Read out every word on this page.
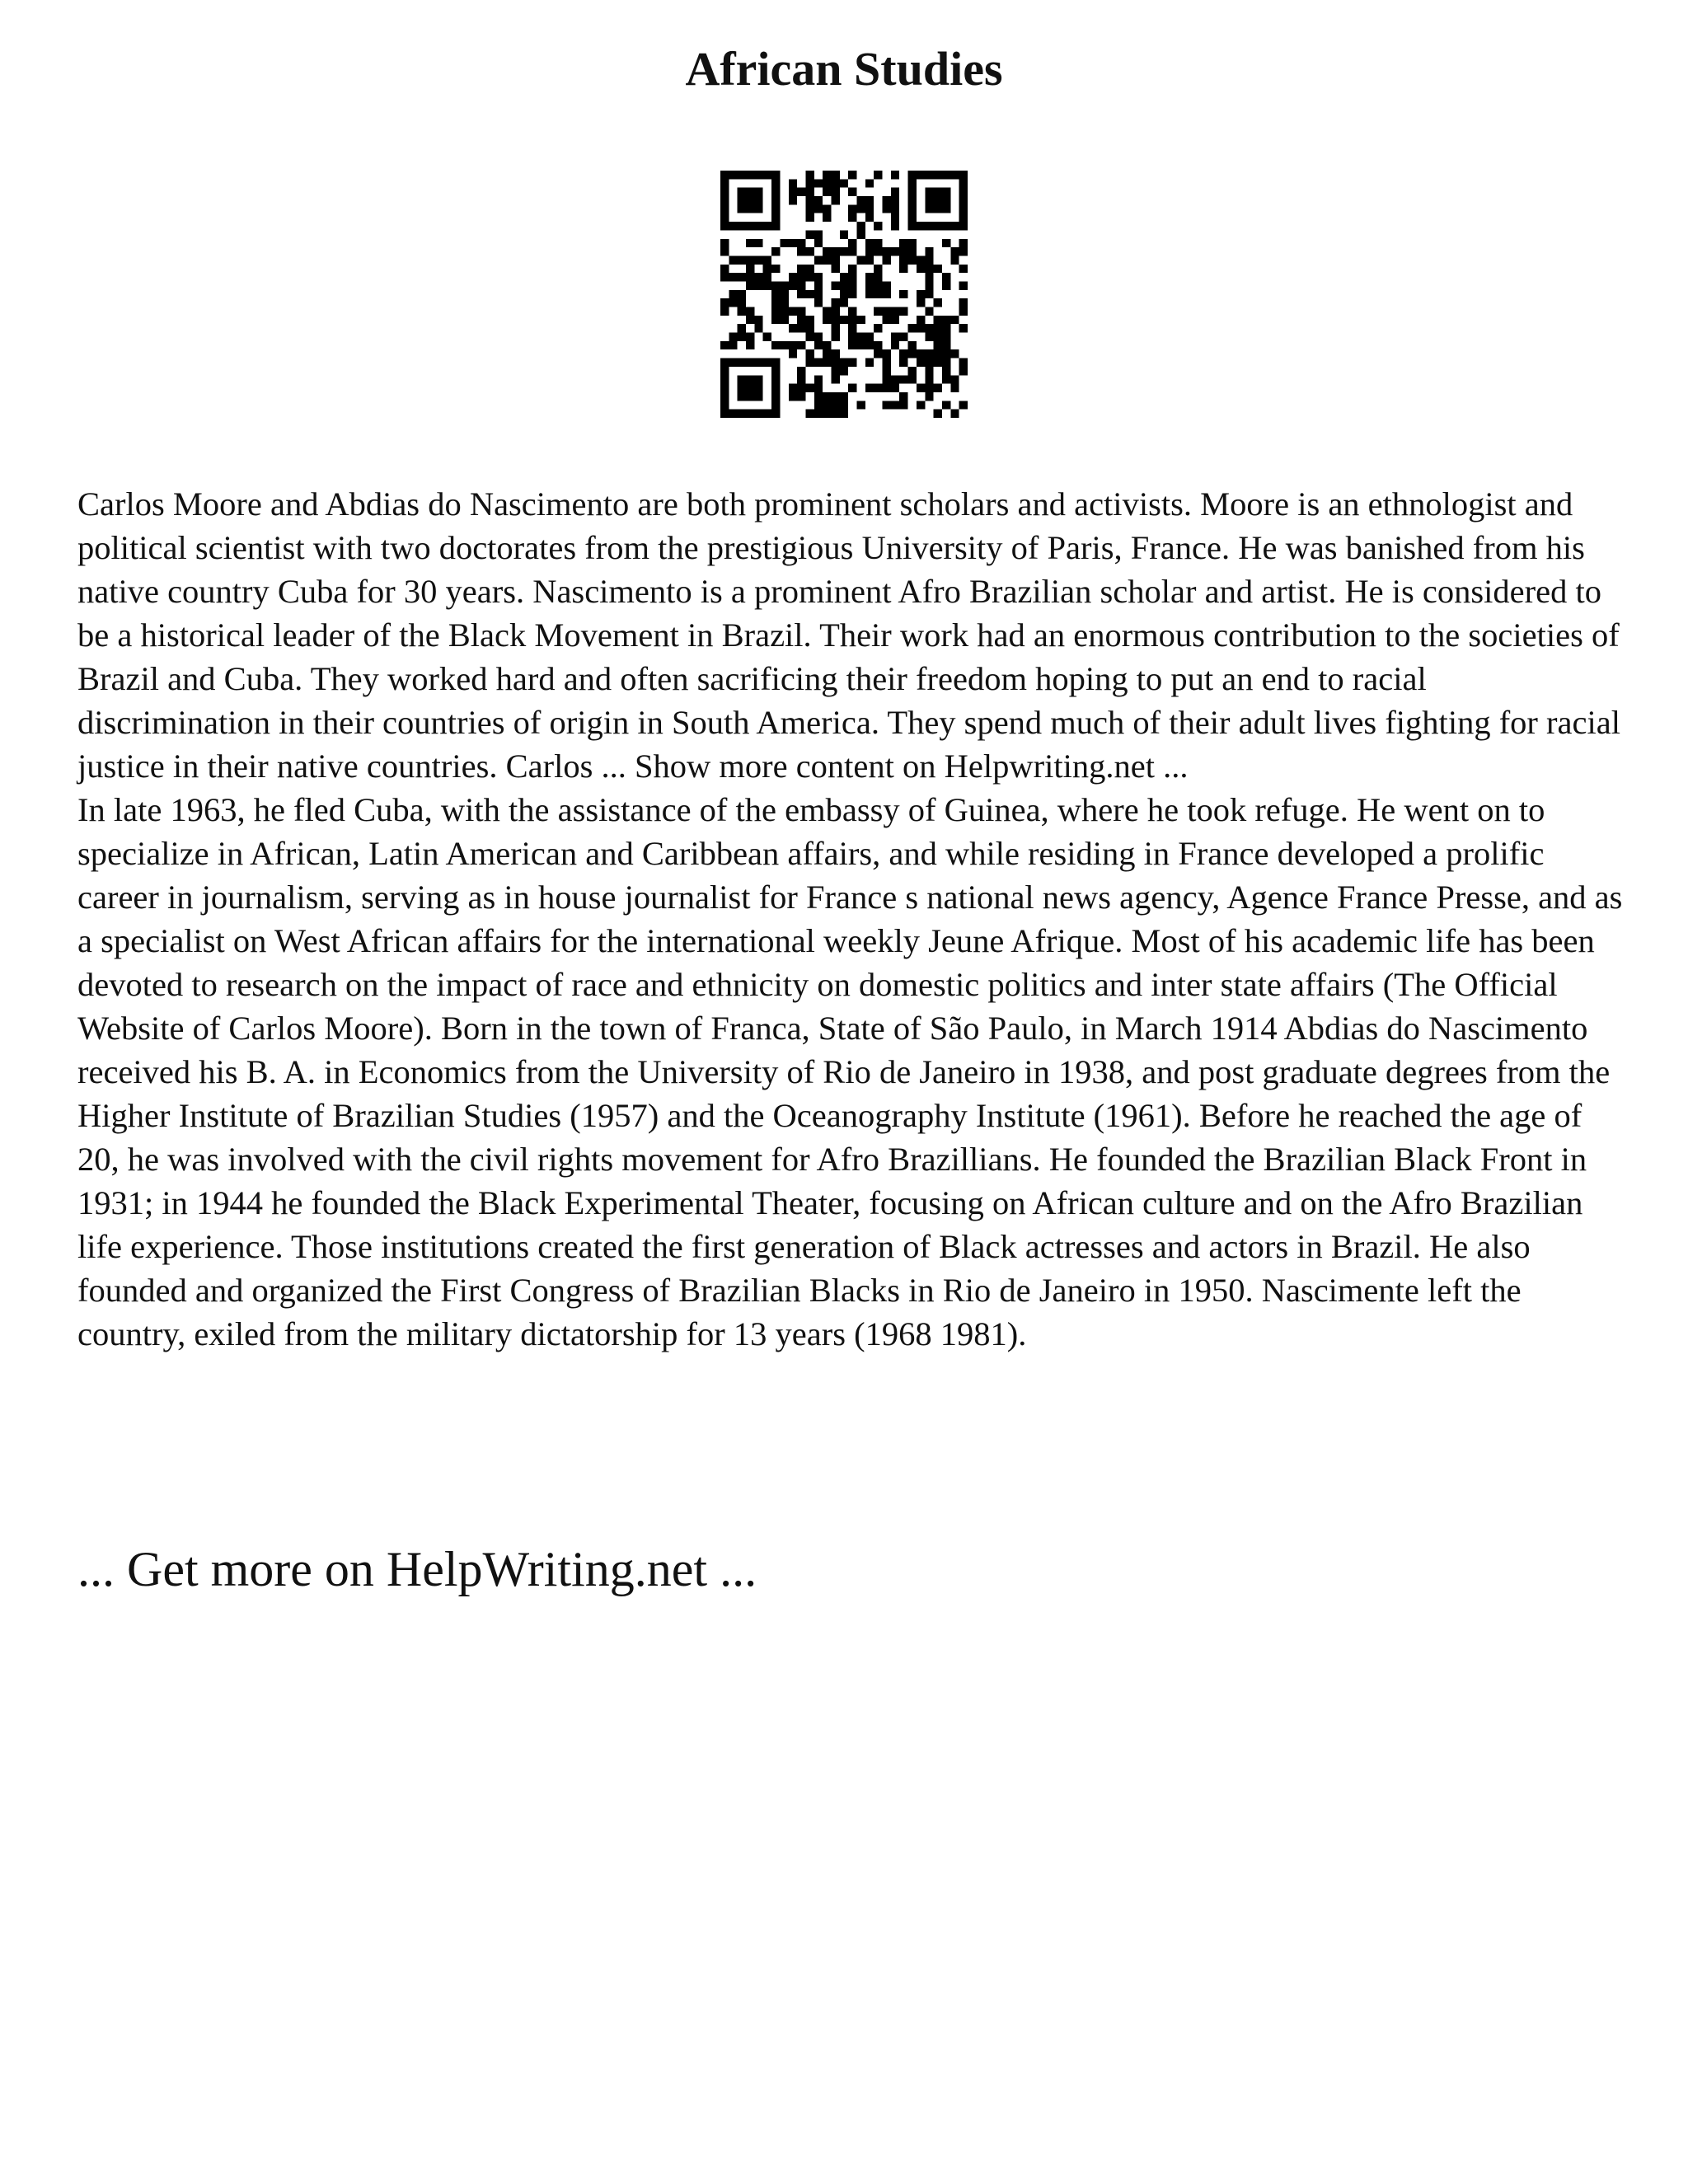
African Studies

Carlos Moore and Abdias do Nascimento are both prominent scholars and activists. Moore is an ethnologist and political scientist with two doctorates from the prestigious University of Paris, France. He was banished from his native country Cuba for 30 years. Nascimento is a prominent Afro Brazilian scholar and artist. He is considered to be a historical leader of the Black Movement in Brazil. Their work had an enormous contribution to the societies of Brazil and Cuba. They worked hard and often sacrificing their freedom hoping to put an end to racial discrimination in their countries of origin in South America. They spend much of their adult lives fighting for racial justice in their native countries. Carlos ... Show more content on Helpwriting.net ...

In late 1963, he fled Cuba, with the assistance of the embassy of Guinea, where he took refuge. He went on to specialize in African, Latin American and Caribbean affairs, and while residing in France developed a prolific career in journalism, serving as in house journalist for France s national news agency, Agence France Presse, and as a specialist on West African affairs for the international weekly Jeune Afrique. Most of his academic life has been devoted to research on the impact of race and ethnicity on domestic politics and inter state affairs (The Official Website of Carlos Moore). Born in the town of Franca, State of São Paulo, in March 1914 Abdias do Nascimento received his B. A. in Economics from the University of Rio de Janeiro in 1938, and post graduate degrees from the Higher Institute of Brazilian Studies (1957) and the Oceanography Institute (1961). Before he reached the age of 20, he was involved with the civil rights movement for Afro Brazillians. He founded the Brazilian Black Front in 1931; in 1944 he founded the Black Experimental Theater, focusing on African culture and on the Afro Brazilian life experience. Those institutions created the first generation of Black actresses and actors in Brazil. He also founded and organized the First Congress of Brazilian Blacks in Rio de Janeiro in 1950. Nascimente left the country, exiled from the military dictatorship for 13 years (1968 1981).

... Get more on HelpWriting.net ...
